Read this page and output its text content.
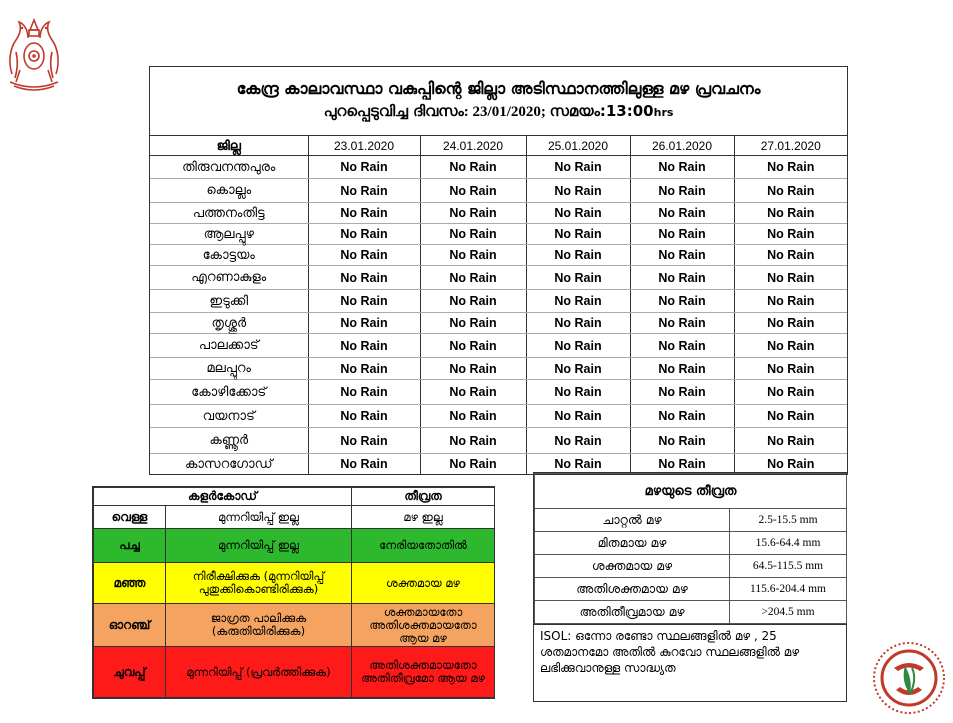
കേന്ദ്ര കാലാവസ്ഥാ വകുപ്പിന്റെ ജില്ലാ അടിസ്ഥാനത്തിലുള്ള മഴ പ്രവചനം
പുറപ്പെടുവിച്ച ദിവസം: 23/01/2020; സമയം:13:00hrs
ജില്ല	23.01.2020	24.01.2020	25.01.2020	26.01.2020	27.01.2020
തിരുവനന്തപുരം	No Rain	No Rain	No Rain	No Rain	No Rain
കൊല്ലം	No Rain	No Rain	No Rain	No Rain	No Rain
പത്തനംതിട്ട	No Rain	No Rain	No Rain	No Rain	No Rain
ആലപ്പുഴ	No Rain	No Rain	No Rain	No Rain	No Rain
കോട്ടയം	No Rain	No Rain	No Rain	No Rain	No Rain
എറണാകുളം	No Rain	No Rain	No Rain	No Rain	No Rain
ഇടുക്കി	No Rain	No Rain	No Rain	No Rain	No Rain
തൃശ്ശൂർ	No Rain	No Rain	No Rain	No Rain	No Rain
പാലക്കാട്	No Rain	No Rain	No Rain	No Rain	No Rain
മലപ്പുറം	No Rain	No Rain	No Rain	No Rain	No Rain
കോഴിക്കോട്	No Rain	No Rain	No Rain	No Rain	No Rain
വയനാട്	No Rain	No Rain	No Rain	No Rain	No Rain
കണ്ണൂർ	No Rain	No Rain	No Rain	No Rain	No Rain
കാസറഗോഡ്	No Rain	No Rain	No Rain	No Rain	No Rain
കളർകോഡ്		തീവ്രത
വെള്ള	മുന്നറിയിപ്പ് ഇല്ല	മഴ ഇല്ല
പച്ച	മുന്നറിയിപ്പ് ഇല്ല	നേരിയതോതിൽ
മഞ്ഞ	നിരീക്ഷിക്കുക (മുന്നറിയിപ്പ് പുതുക്കികൊണ്ടിരിക്കുക)	ശക്തമായ മഴ
ഓറഞ്ച്	ജാഗ്രത പാലിക്കുക (കരുതിയിരിക്കുക)	ശക്തമായതോ അതിശക്തമായതോ ആയ മഴ
ചുവപ്പ്	മുന്നറിയിപ്പ് (പ്രവർത്തിക്കുക)	അതിശക്തമായതോ അതിതീവ്രമോ ആയ മഴ
മഴയുടെ തീവ്രത	
ചാറ്റൽ മഴ	2.5-15.5 mm
മിതമായ മഴ	15.6-64.4 mm
ശക്തമായ മഴ	64.5-115.5 mm
അതിശക്തമായ മഴ	115.6-204.4 mm
അതിതീവ്രമായ മഴ	>204.5 mm
ISOL: ഒന്നോ രണ്ടോ സ്ഥലങ്ങളിൽ മഴ , 25 ശതമാനമോ അതിൽ കുറവോ സ്ഥലങ്ങളിൽ മഴ ലഭിക്കുവാനുള്ള സാദ്ധ്യത
